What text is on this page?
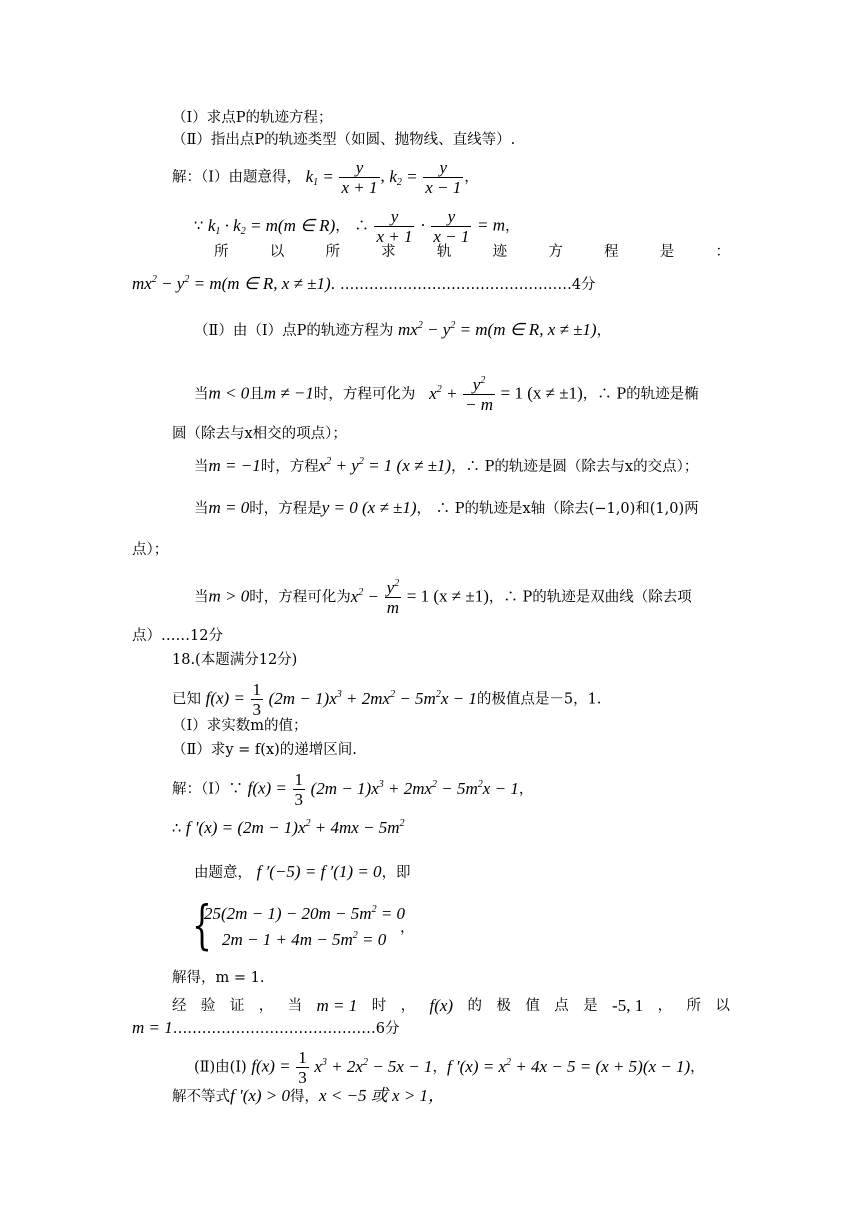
（Ⅰ）求点P的轨迹方程；
（Ⅱ）指出点P的轨迹类型（如圆、抛物线、直线等）.
解：（Ⅰ）由题意得， $k_1 = \frac{y}{x + 1}$ , $k_2 = \frac{y}{x - 1}$ ，
∵ $k_1 \cdot k_2 = m(m$ ∈ R)， ∴ $\frac{y}{x + 1} \cdot \frac{y}{x - 1} = m$，
所	以	所	求	轨	迹	方	程	是	：
$mx^2 - y^2 = m(m$ ∈ R, x ≠ ±1). …………………………………………4分
（Ⅱ）由（Ⅰ）点P的轨迹方程为 $mx^2 - y^2 = m(m$ ∈ R, x ≠ ±1)，
当m < 0且m ≠ −1时，方程可化为 $x^2 + \frac{y^2}{- m} = 1$ (x ≠ ±1)，∴ P的轨迹是椭
圆（除去与x相交的项点）；
当m = −1时，方程$x^2 + y^2 = 1$ (x ≠ ±1)，∴ P的轨迹是圆（除去与x的交点）；
当m = 0时，方程是y = 0 (x ≠ ±1)， ∴ P的轨迹是x轴（除去(−1,0)和(1,0)两
点）；
当m > 0时，方程可化为$x^2 - \frac{y^2}{m} = 1$ (x ≠ ±1)，∴ P的轨迹是双曲线（除去项
点）……12分
18.(本题满分12分)
已知 $f(x) = \frac{1}{3} (2m - 1)x^3 + 2mx^2 - 5m^2x - 1$的极值点是－5，1.
（Ⅰ）求实数m的值；
（Ⅱ）求y = f(x)的递增区间.
解：（Ⅰ）∵ $f(x) = \frac{1}{3} (2m - 1)x^3 + 2mx^2 - 5m^2x - 1$，
∴ f $'(x) = (2m - 1)x^2 + 4mx - 5m^2$
由题意， f ′(−5) = f ′(1) = 0，即
{
$25(2m - 1) - 20m - 5m^2 = 0$
$2m - 1 + 4m - 5m^2 = 0$
，
解得，m = 1.
经 验 证 ， 当 m = 1 时 ， f(x) 的 极 值 点 是 -5, 1 ， 所 以
m = 1……………………………………6分
(Ⅱ)由(Ⅰ) $f(x) = \frac{1}{3} x^3 + 2x^2 - 5x - 1$，f $'(x) = x^2 + 4x - 5 = (x + 5)(x - 1)$，
解不等式f ′(x) > 0得，x < −5 或 x > 1，
